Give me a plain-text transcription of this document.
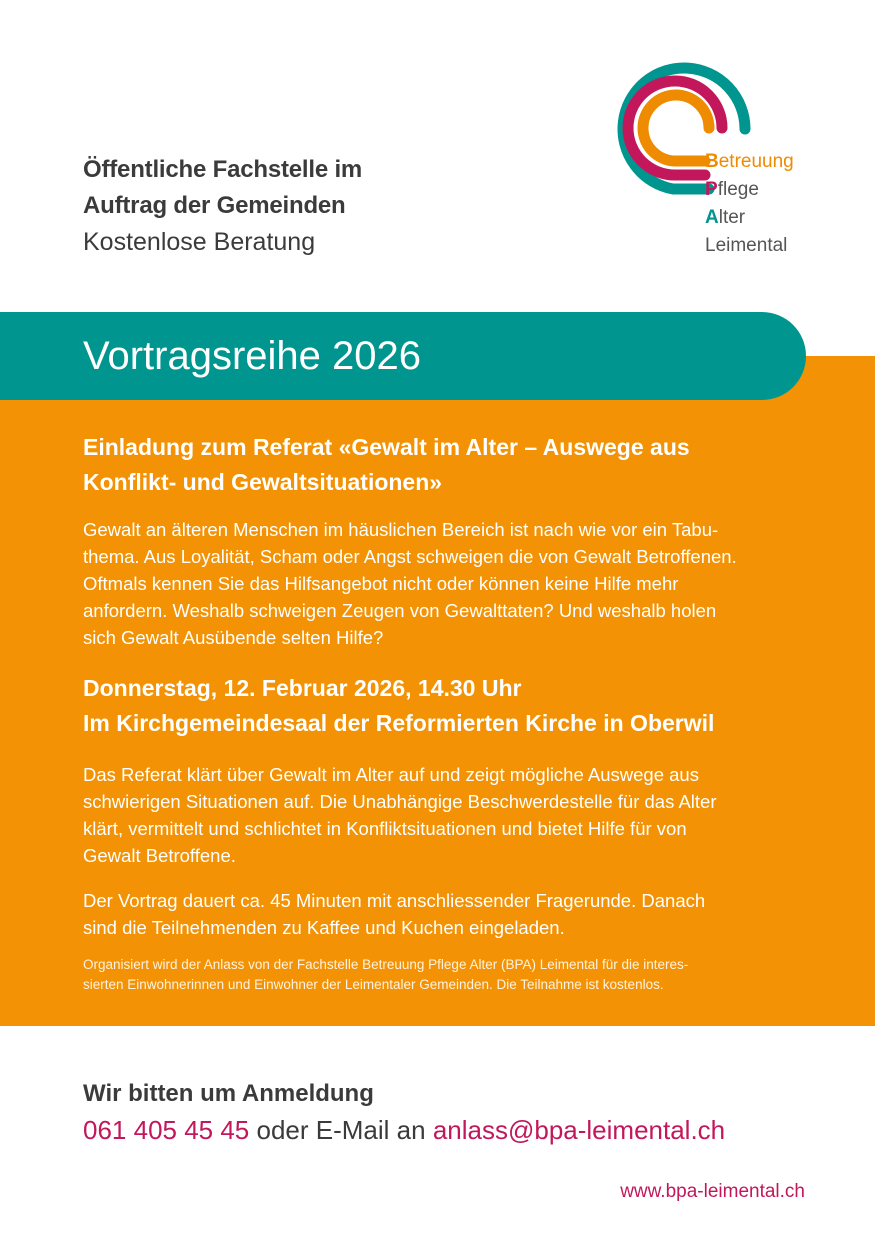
Öffentliche Fachstelle im
Auftrag der Gemeinden
Kostenlose Beratung
Betreuung
Pflege
Alter
Leimental
Vortragsreihe 2026
Einladung zum Referat «Gewalt im Alter – Auswege aus
Konflikt- und Gewaltsituationen»
Gewalt an älteren Menschen im häuslichen Bereich ist nach wie vor ein Tabu-
thema. Aus Loyalität, Scham oder Angst schweigen die von Gewalt Betroffenen.
Oftmals kennen Sie das Hilfsangebot nicht oder können keine Hilfe mehr
anfordern. Weshalb schweigen Zeugen von Gewalttaten? Und weshalb holen
sich Gewalt Ausübende selten Hilfe?
Donnerstag, 12. Februar 2026, 14.30 Uhr
Im Kirchgemeindesaal der Reformierten Kirche in Oberwil
Das Referat klärt über Gewalt im Alter auf und zeigt mögliche Auswege aus
schwierigen Situationen auf. Die Unabhängige Beschwerdestelle für das Alter
klärt, vermittelt und schlichtet in Konfliktsituationen und bietet Hilfe für von
Gewalt Betroffene.
Der Vortrag dauert ca. 45 Minuten mit anschliessender Fragerunde. Danach
sind die Teilnehmenden zu Kaffee und Kuchen eingeladen.
Organisiert wird der Anlass von der Fachstelle Betreuung Pflege Alter (BPA) Leimental für die interes-
sierten Einwohnerinnen und Einwohner der Leimentaler Gemeinden. Die Teilnahme ist kostenlos.
Wir bitten um Anmeldung
061 405 45 45 oder E-Mail an anlass@bpa-leimental.ch
www.bpa-leimental.ch
